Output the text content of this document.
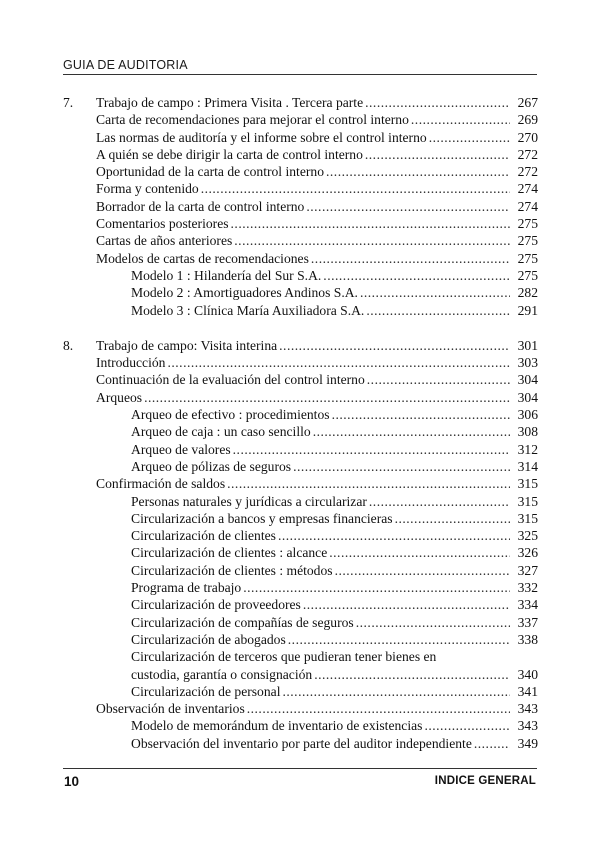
GUIA DE AUDITORIA
7. Trabajo de campo : Primera Visita . Tercera parte .....	267
Carta de recomendaciones para mejorar el control interno .....	269
Las normas de auditoría y el informe sobre el control interno .....	270
A quién se debe dirigir la carta de control interno .....	272
Oportunidad de la carta de control interno .....	272
Forma y contenido .....	274
Borrador de la carta de control interno .....	274
Comentarios posteriores .....	275
Cartas de años anteriores .....	275
Modelos de cartas de recomendaciones .....	275
Modelo 1 : Hilandería del Sur S.A. .....	275
Modelo 2 : Amortiguadores Andinos S.A. .....	282
Modelo 3 : Clínica María Auxiliadora S.A. .....	291
8. Trabajo de campo: Visita interina .....	301
Introducción .....	303
Continuación de la evaluación del control interno .....	304
Arqueos .....	304
Arqueo de efectivo : procedimientos .....	306
Arqueo de caja : un caso sencillo .....	308
Arqueo de valores .....	312
Arqueo de pólizas de seguros .....	314
Confirmación de saldos .....	315
Personas naturales y jurídicas a circularizar .....	315
Circularización a bancos y empresas financieras .....	315
Circularización de clientes .....	325
Circularización de clientes : alcance .....	326
Circularización de clientes : métodos .....	327
Programa de trabajo .....	332
Circularización de proveedores .....	334
Circularización de compañías de seguros .....	337
Circularización de abogados .....	338
Circularización de terceros que pudieran tener bienes en
custodia, garantía o consignación .....	340
Circularización de personal .....	341
Observación de inventarios .....	343
Modelo de memorándum de inventario de existencias .....	343
Observación del inventario por parte del auditor independiente .....	349
10	INDICE GENERAL
